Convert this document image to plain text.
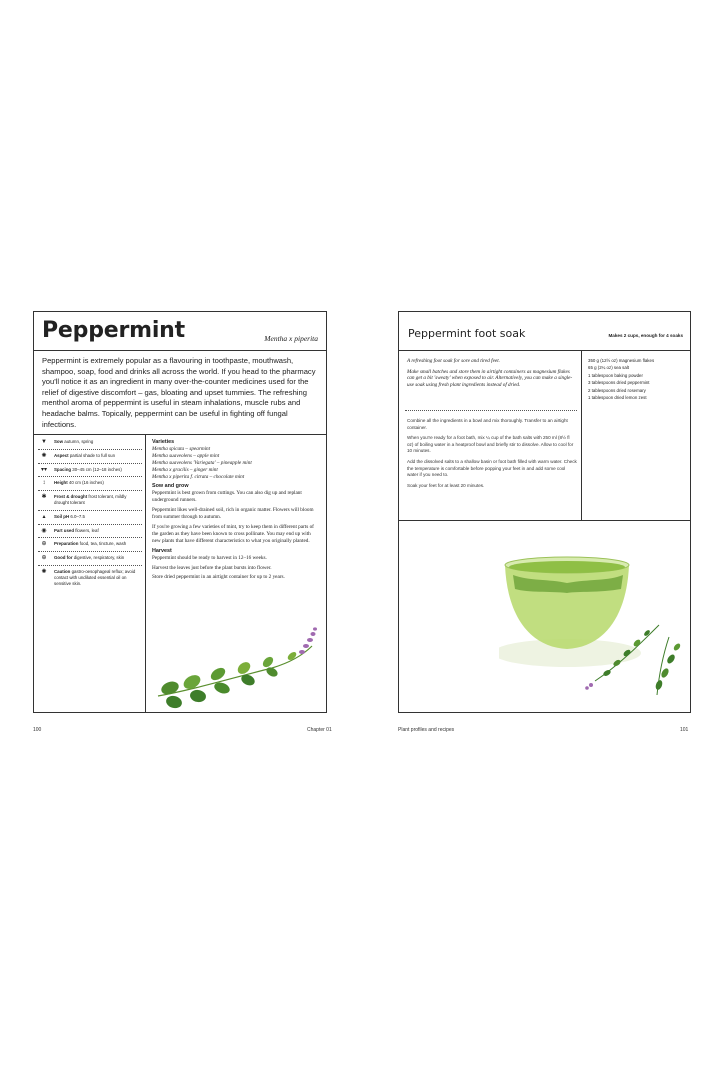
Peppermint	Mentha x piperita
Peppermint is extremely popular as a flavouring in toothpaste, mouthwash, shampoo, soap, food and drinks all across the world. If you head to the pharmacy you'll notice it as an ingredient in many over-the-counter medicines used for the relief of digestive discomfort – gas, bloating and upset tummies. The refreshing menthol aroma of peppermint is useful in steam inhalations, muscle rubs and headache balms. Topically, peppermint can be useful in fighting off fungal infections.
▼ Sow autumn, spring
✺	Aspect partial shade to full sun
▾▾ Spacing 30–45 cm (12–18 inches)
↕	Height 40 cm (16 inches)
✱	Frost & drought frost tolerant, mildly drought tolerant
▴	Soil pH 6.0–7.5
◉	Part used flowers, leaf
⊕	Preparation food, tea, tincture, wash
⊕	Good for digestive, respiratory, skin
✺	Caution gastro-oesophageal reflux; avoid contact with undiluted essential oil on sensitive skin.
Varieties
Mentha spicata – spearmint
Mentha suaveolens – apple mint
Mentha suaveolens 'Variegata' – pineapple mint
Mentha x gracilis – ginger mint
Mentha x piperita f. citrata – chocolate mint
Sow and grow

Peppermint is best grown from cuttings. You can also dig up and replant underground runners.

Peppermint likes well-drained soil, rich in organic matter. Flowers will bloom from summer through to autumn.

If you're growing a few varieties of mint, try to keep them in different parts of the garden as they have been known to cross pollinate. You may end up with new plants that have different characteristics to what you originally planted.

Harvest

Peppermint should be ready to harvest in 12–16 weeks.

Harvest the leaves just before the plant bursts into flower.

Store dried peppermint in an airtight container for up to 2 years.

Peppermint foot soak	Makes 2 cups, enough for 4 soaks

A refreshing foot soak for sore and tired feet.

Make small batches and store them in airtight containers as magnesium flakes can get a bit 'sweaty' when exposed to air. Alternatively, you can make a single-use soak using fresh plant ingredients instead of dried.

Combine all the ingredients in a bowl and mix thoroughly. Transfer to an airtight container.

When you're ready for a foot bath, mix ¼ cup of the bath salts with 250 ml (8½ fl oz) of boiling water in a heatproof bowl and briefly stir to dissolve. Allow to cool for 10 minutes.

Add the dissolved salts to a shallow basin or foot bath filled with warm water. Check the temperature is comfortable before popping your feet in and add some cool water if you need to.

Soak your feet for at least 20 minutes.

350 g (12½ oz) magnesium flakes
65 g (2¼ oz) sea salt
1 tablespoon baking powder
3 tablespoons dried peppermint
2 tablespoons dried rosemary
1 tablespoon dried lemon zest
100	Chapter 01	Plant profiles and recipes	101
